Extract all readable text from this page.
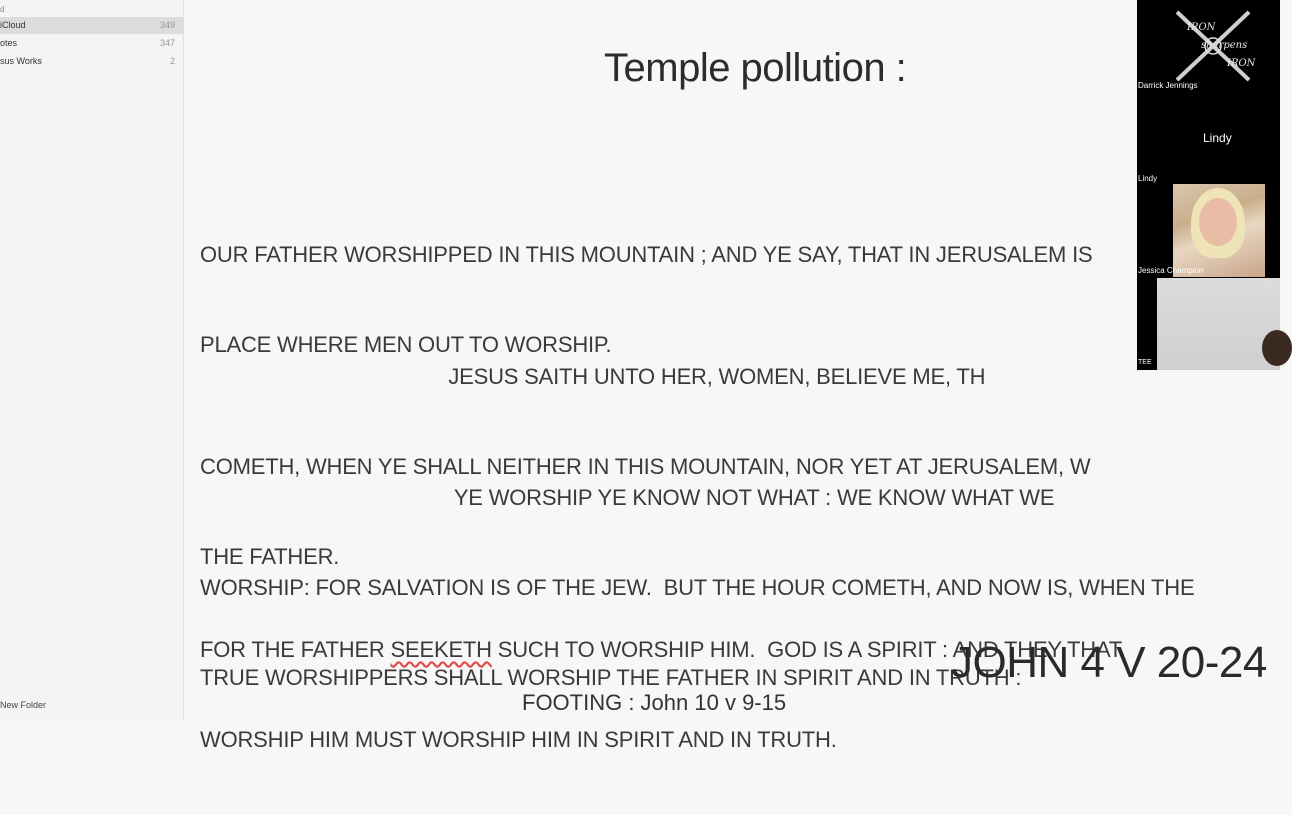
d
iCloud	349
otes	347
sus Works	2
New Folder
Temple pollution :

OUR FATHER WORSHIPPED IN THIS MOUNTAIN ; AND YE SAY, THAT IN JERUSALEM IS

PLACE WHERE MEN OUT TO WORSHIP.

JESUS SAITH UNTO HER, WOMEN, BELIEVE ME, TH

COMETH, WHEN YE SHALL NEITHER IN THIS MOUNTAIN, NOR YET AT JERUSALEM, W

THE FATHER.

YE WORSHIP YE KNOW NOT WHAT : WE KNOW WHAT WE

WORSHIP: FOR SALVATION IS OF THE JEW.  BUT THE HOUR COMETH, AND NOW IS, WHEN THE

TRUE WORSHIPPERS SHALL WORSHIP THE FATHER IN SPIRIT AND IN TRUTH :

FOR THE FATHER SEEKETH SUCH TO WORSHIP HIM.  GOD IS A SPIRIT : AND THEY THAT

WORSHIP HIM MUST WORSHIP HIM IN SPIRIT AND IN TRUTH.

JOHN 4 V 20-24
FOOTING : John 10 v 9-15
IRON
sharpens
IRON
Darrick Jennings
Lindy
Lindy
Jessica Champion
TEE
